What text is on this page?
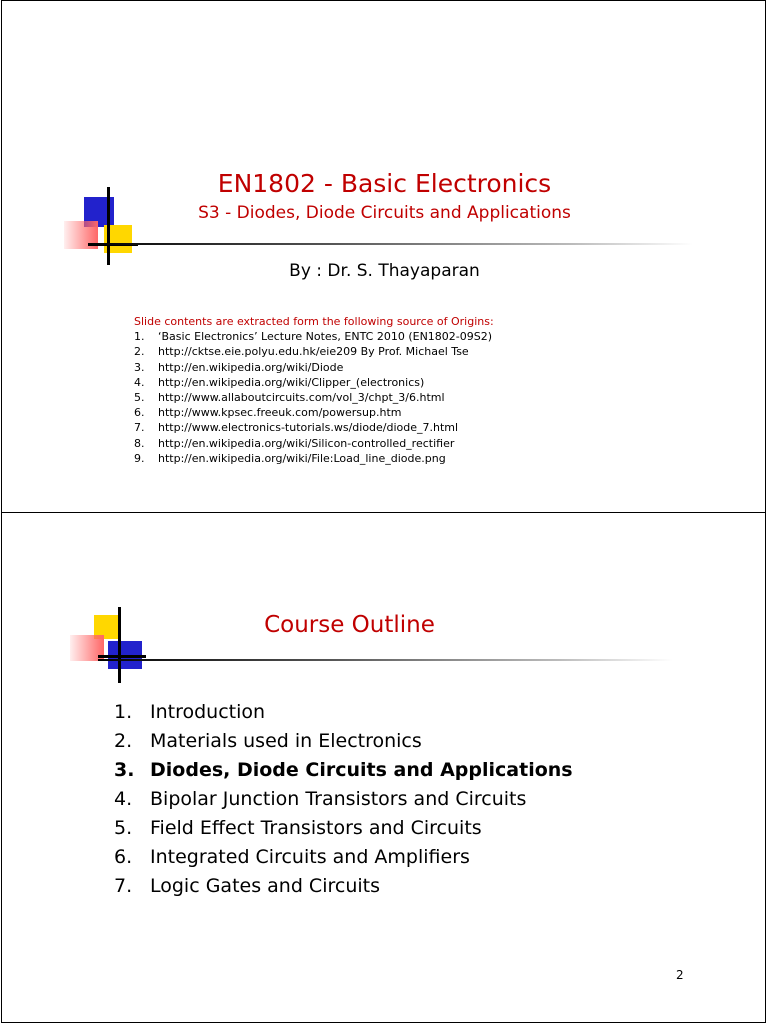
EN1802 - Basic Electronics
S3 - Diodes, Diode Circuits and Applications
By : Dr. S. Thayaparan
Slide contents are extracted form the following source of Origins:
1.	‘Basic Electronics’ Lecture Notes, ENTC 2010 (EN1802-09S2)
2.	http://cktse.eie.polyu.edu.hk/eie209 By Prof. Michael Tse
3.	http://en.wikipedia.org/wiki/Diode
4.	http://en.wikipedia.org/wiki/Clipper_(electronics)
5.	http://www.allaboutcircuits.com/vol_3/chpt_3/6.html
6.	http://www.kpsec.freeuk.com/powersup.htm
7.	http://www.electronics-tutorials.ws/diode/diode_7.html
8.	http://en.wikipedia.org/wiki/Silicon-controlled_rectifier
9.	http://en.wikipedia.org/wiki/File:Load_line_diode.png
Course Outline
1. Introduction
2. Materials used in Electronics
3. Diodes, Diode Circuits and Applications
4. Bipolar Junction Transistors and Circuits
5. Field Effect Transistors and Circuits
6. Integrated Circuits and Amplifiers
7. Logic Gates and Circuits
2
